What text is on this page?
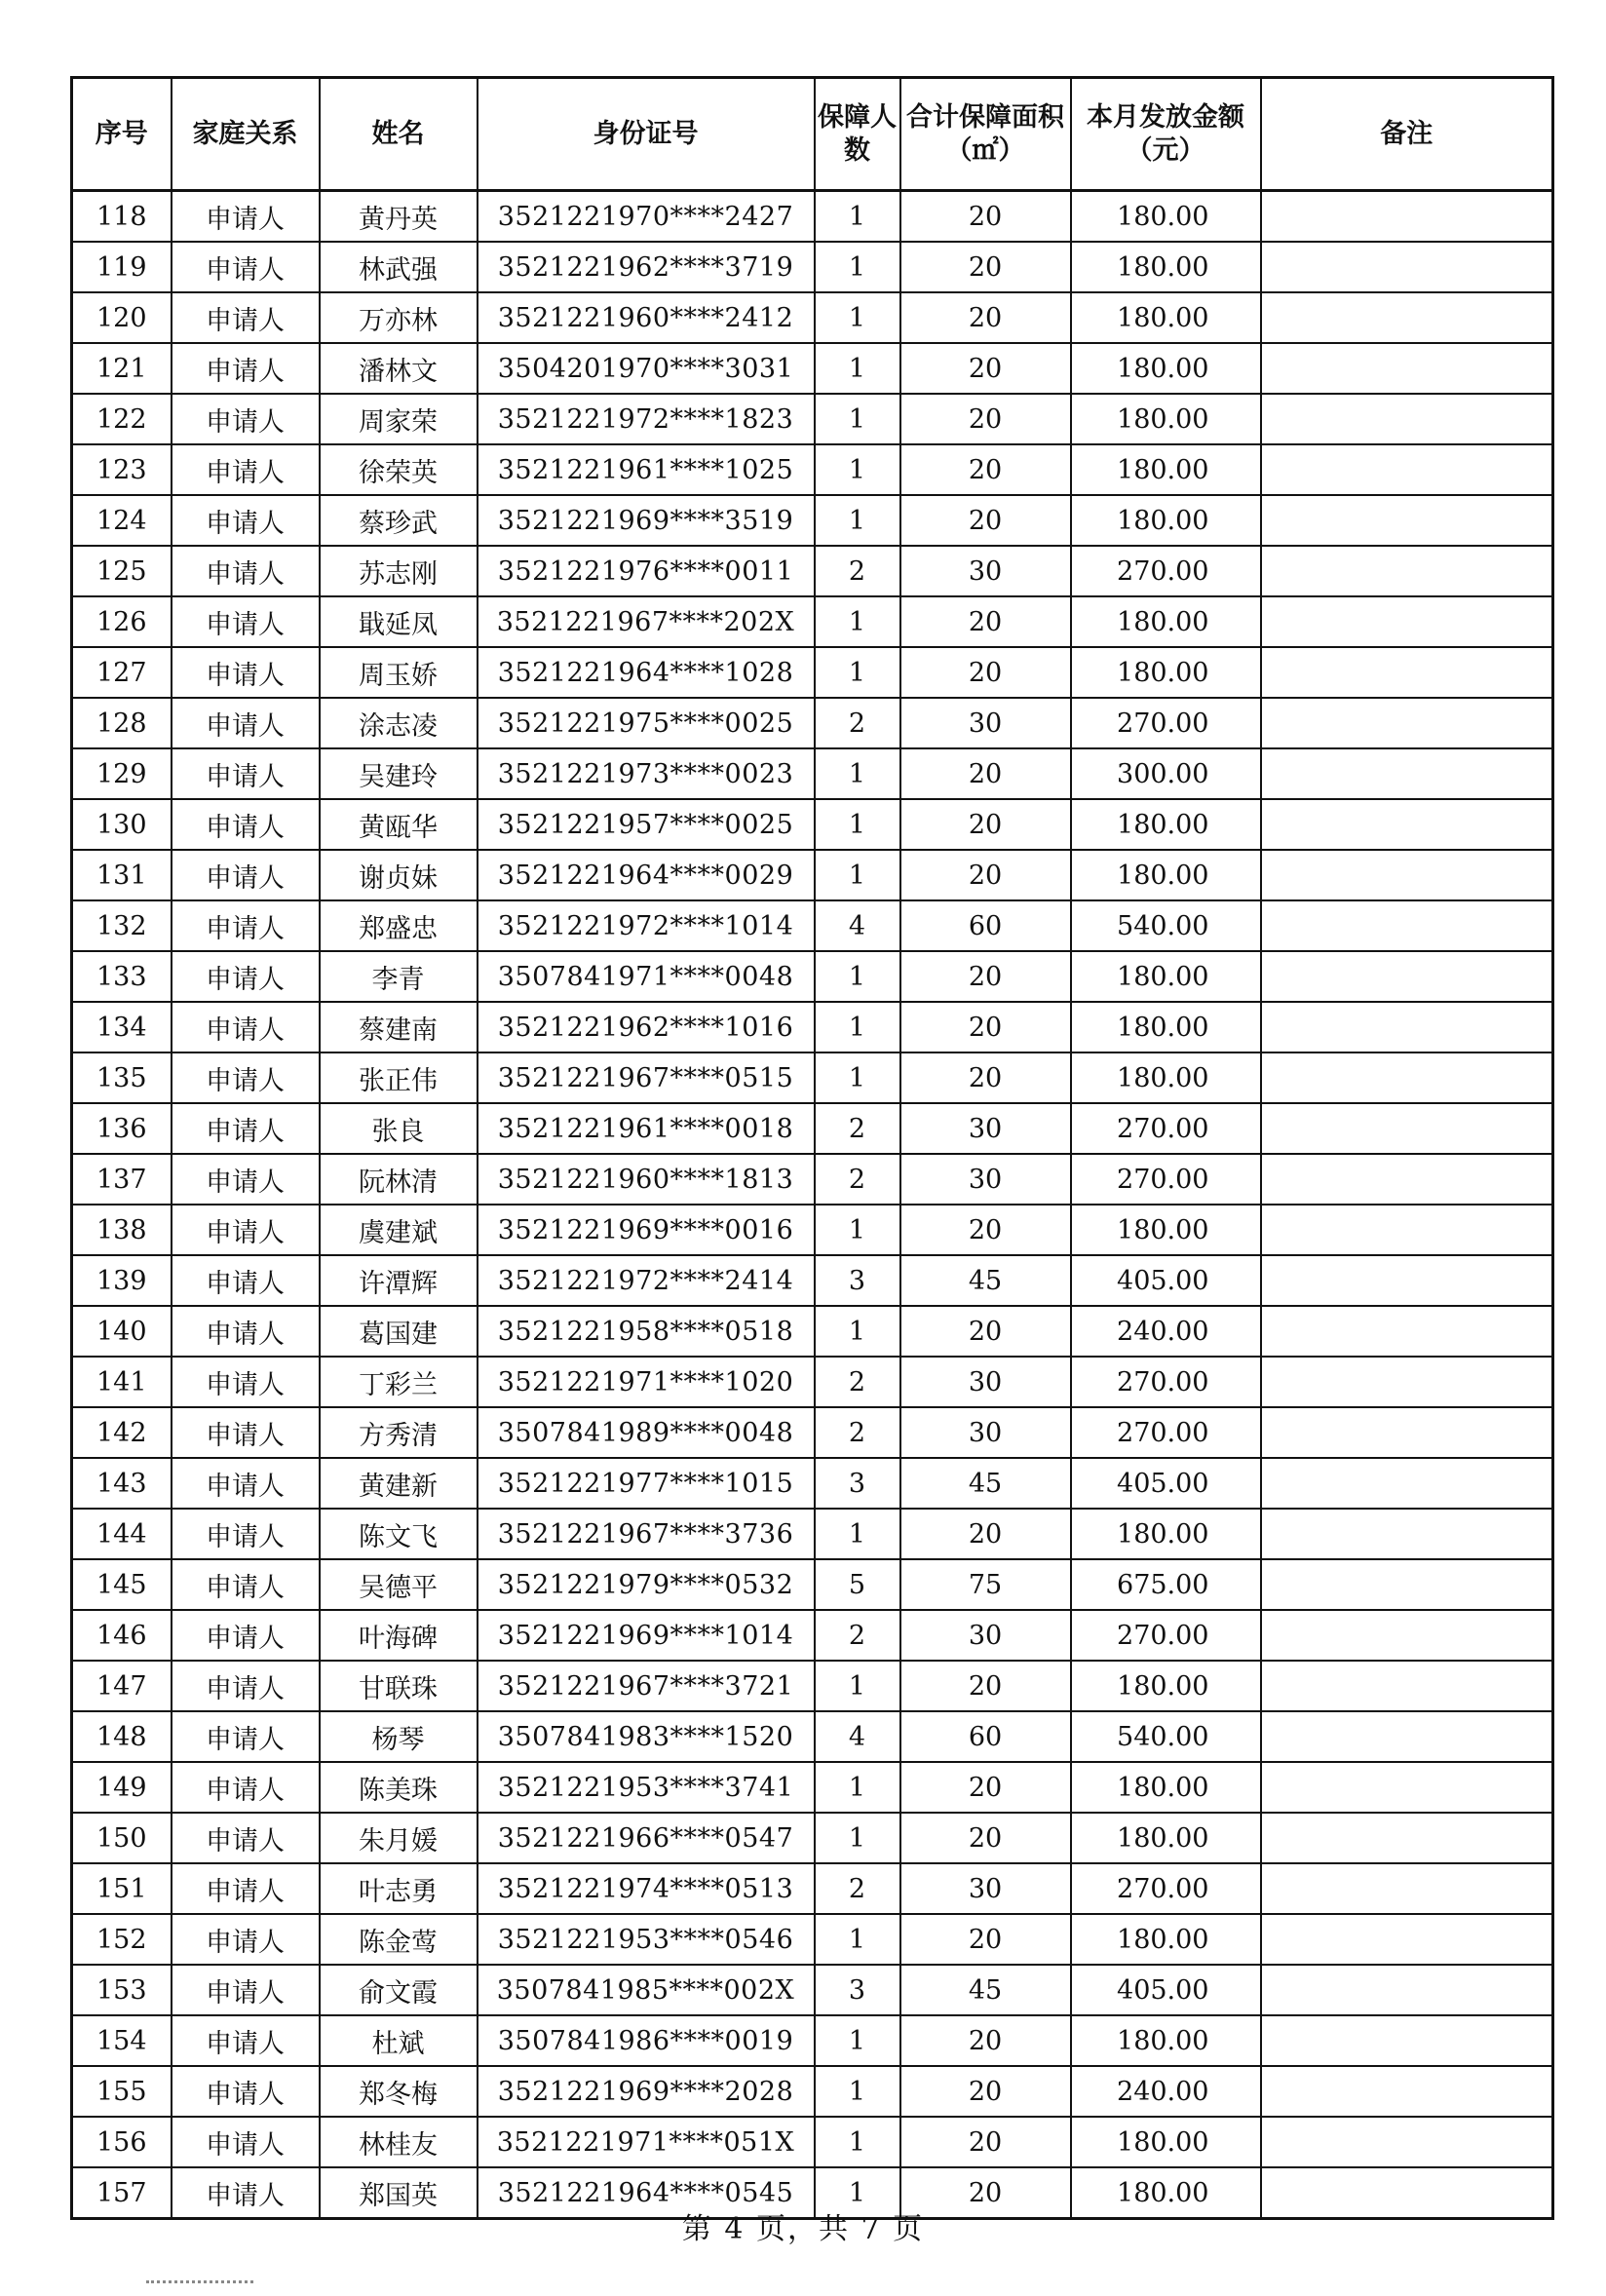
序号	家庭关系	姓名	身份证号	保障人数	合计保障面积（㎡）	本月发放金额（元）	备注
118	申请人	黄丹英	3521221970****2427	1	20	180.00	
119	申请人	林武强	3521221962****3719	1	20	180.00	
120	申请人	万亦林	3521221960****2412	1	20	180.00	
121	申请人	潘林文	3504201970****3031	1	20	180.00	
122	申请人	周家荣	3521221972****1823	1	20	180.00	
123	申请人	徐荣英	3521221961****1025	1	20	180.00	
124	申请人	蔡珍武	3521221969****3519	1	20	180.00	
125	申请人	苏志刚	3521221976****0011	2	30	270.00	
126	申请人	戢延凤	3521221967****202X	1	20	180.00	
127	申请人	周玉娇	3521221964****1028	1	20	180.00	
128	申请人	涂志凌	3521221975****0025	2	30	270.00	
129	申请人	吴建玲	3521221973****0023	1	20	300.00	
130	申请人	黄瓯华	3521221957****0025	1	20	180.00	
131	申请人	谢贞妹	3521221964****0029	1	20	180.00	
132	申请人	郑盛忠	3521221972****1014	4	60	540.00	
133	申请人	李青	3507841971****0048	1	20	180.00	
134	申请人	蔡建南	3521221962****1016	1	20	180.00	
135	申请人	张正伟	3521221967****0515	1	20	180.00	
136	申请人	张良	3521221961****0018	2	30	270.00	
137	申请人	阮林清	3521221960****1813	2	30	270.00	
138	申请人	虞建斌	3521221969****0016	1	20	180.00	
139	申请人	许潭辉	3521221972****2414	3	45	405.00	
140	申请人	葛国建	3521221958****0518	1	20	240.00	
141	申请人	丁彩兰	3521221971****1020	2	30	270.00	
142	申请人	方秀清	3507841989****0048	2	30	270.00	
143	申请人	黄建新	3521221977****1015	3	45	405.00	
144	申请人	陈文飞	3521221967****3736	1	20	180.00	
145	申请人	吴德平	3521221979****0532	5	75	675.00	
146	申请人	叶海碑	3521221969****1014	2	30	270.00	
147	申请人	甘联珠	3521221967****3721	1	20	180.00	
148	申请人	杨琴	3507841983****1520	4	60	540.00	
149	申请人	陈美珠	3521221953****3741	1	20	180.00	
150	申请人	朱月媛	3521221966****0547	1	20	180.00	
151	申请人	叶志勇	3521221974****0513	2	30	270.00	
152	申请人	陈金莺	3521221953****0546	1	20	180.00	
153	申请人	俞文霞	3507841985****002X	3	45	405.00	
154	申请人	杜斌	3507841986****0019	1	20	180.00	
155	申请人	郑冬梅	3521221969****2028	1	20	240.00	
156	申请人	林桂友	3521221971****051X	1	20	180.00	
157	申请人	郑国英	3521221964****0545	1	20	180.00	
第 4 页，共 7 页
